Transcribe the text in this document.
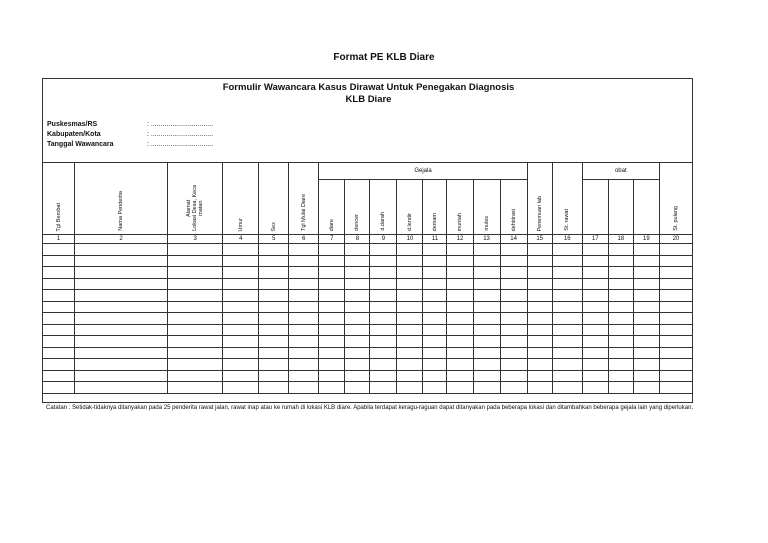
Format PE KLB Diare
Formulir Wawancara Kasus Dirawat Untuk Penegakan Diagnosis
KLB Diare
Puskesmas/RS	: ................................
Kabupaten/Kota	: ................................
Tanggal Wawancara	: ................................
Tgl Berobat	Nama Penderita	Alamat Lokasi Desa, Keca matan	Umur	Sex	Tgl Mulai Diare	Gejala								Penemuan lab	St. rawat	obat			St. pulang

						diare	dencer	d.darah	d.lendir	demam	muntah	mules	dehidrasi						

1	2	3	4	5	6	7	8	9	10	11	12	13	14	15	16	17	18	19	20

Catatan : Setidak-tidaknya ditanyakan pada 25 penderita rawat jalan, rawat inap atau ke rumah di lokasi KLB diare. Apabila terdapat keragu-raguan dapat ditanyakan pada beberapa lokasi dan ditambahkan beberapa gejala lain yang diperlukan.
